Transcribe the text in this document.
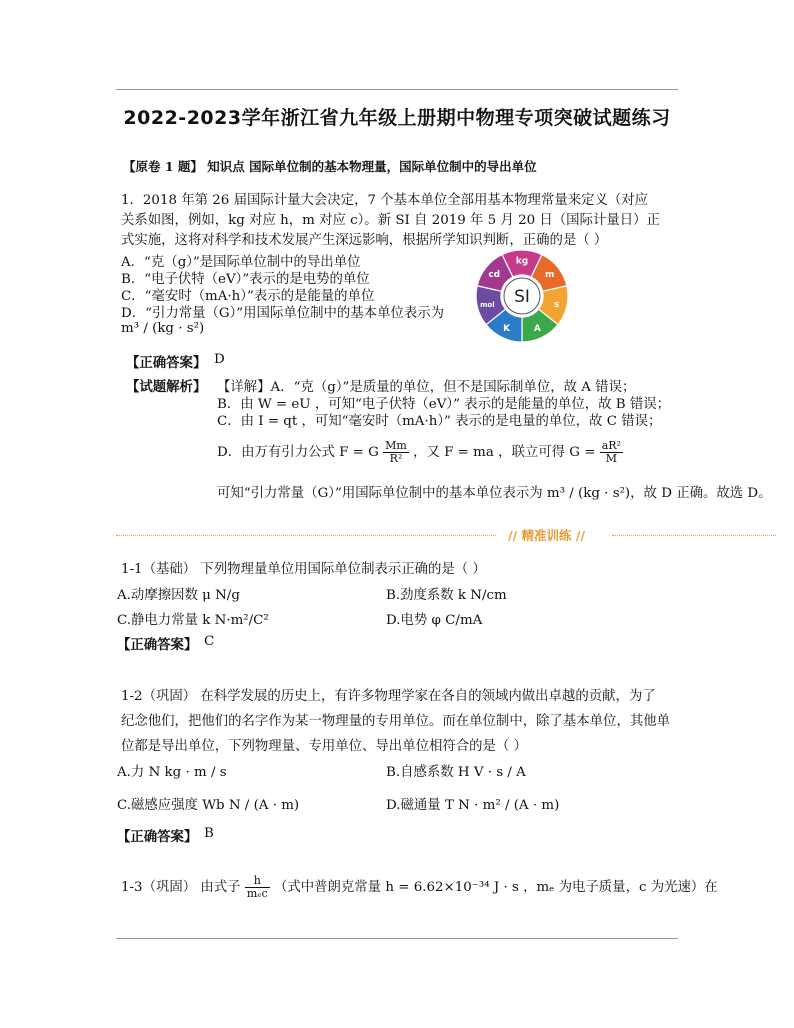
2022-2023学年浙江省九年级上册期中物理专项突破试题练习
【原卷 1 题】 知识点 国际单位制的基本物理量，国际单位制中的导出单位
1．2018 年第 26 届国际计量大会决定，7 个基本单位全部用基本物理常量来定义（对应
关系如图，例如，kg 对应 h，m 对应 c）。新 SI 自 2019 年 5 月 20 日（国际计量日）正
式实施，这将对科学和技术发展产生深远影响，根据所学知识判断，正确的是（ ）
A．“克（g）”是国际单位制中的导出单位
B．“电子伏特（eV）”表示的是电势的单位
C．“毫安时（mA·h）”表示的是能量的单位
D．“引力常量（G）”用国际单位制中的基本单位表示为
m³ / (kg · s²)
kg
m
s
A
K
mol
cd
SI
【正确答案】 D
【试题解析】 【详解】A．“克（g）”是质量的单位，但不是国际制单位，故 A 错误；
B．由 W = eU ，可知“电子伏特（eV）” 表示的是能量的单位，故 B 错误；
C．由 I = qt ，可知“毫安时（mA·h）” 表示的是电量的单位，故 C 错误；
D．由万有引力公式 F = G $\frac{Mm}{\text{R²}}$ ，又 F = ma ，联立可得 $G = \frac{\text{aR²}}{M}$
可知“引力常量（G）”用国际单位制中的基本单位表示为 m³ / (kg · s²)，故 D 正确。故选 D。
// 精准训练 //
1-1（基础） 下列物理量单位用国际单位制表示正确的是（ ）
A.动摩擦因数 μ N/g	B.劲度系数 k N/cm
C.静电力常量 k N·m²/C²	D.电势 φ C/mA
【正确答案】 C
1-2（巩固） 在科学发展的历史上，有许多物理学家在各自的领域内做出卓越的贡献，为了
纪念他们，把他们的名字作为某一物理量的专用单位。而在单位制中，除了基本单位，其他单
位都是导出单位，下列物理量、专用单位、导出单位相符合的是（ ）
A.力 N kg · m / s	B.自感系数 H V · s / A
C.磁感应强度 Wb N / (A · m)	D.磁通量 T N · m² / (A · m)
【正确答案】 B
1-3（巩固） 由式子 $\frac{h}{\text{mₑc}}$ （式中普朗克常量 h = 6.62×10⁻³⁴ J · s ，mₑ 为电子质量，c 为光速）在
